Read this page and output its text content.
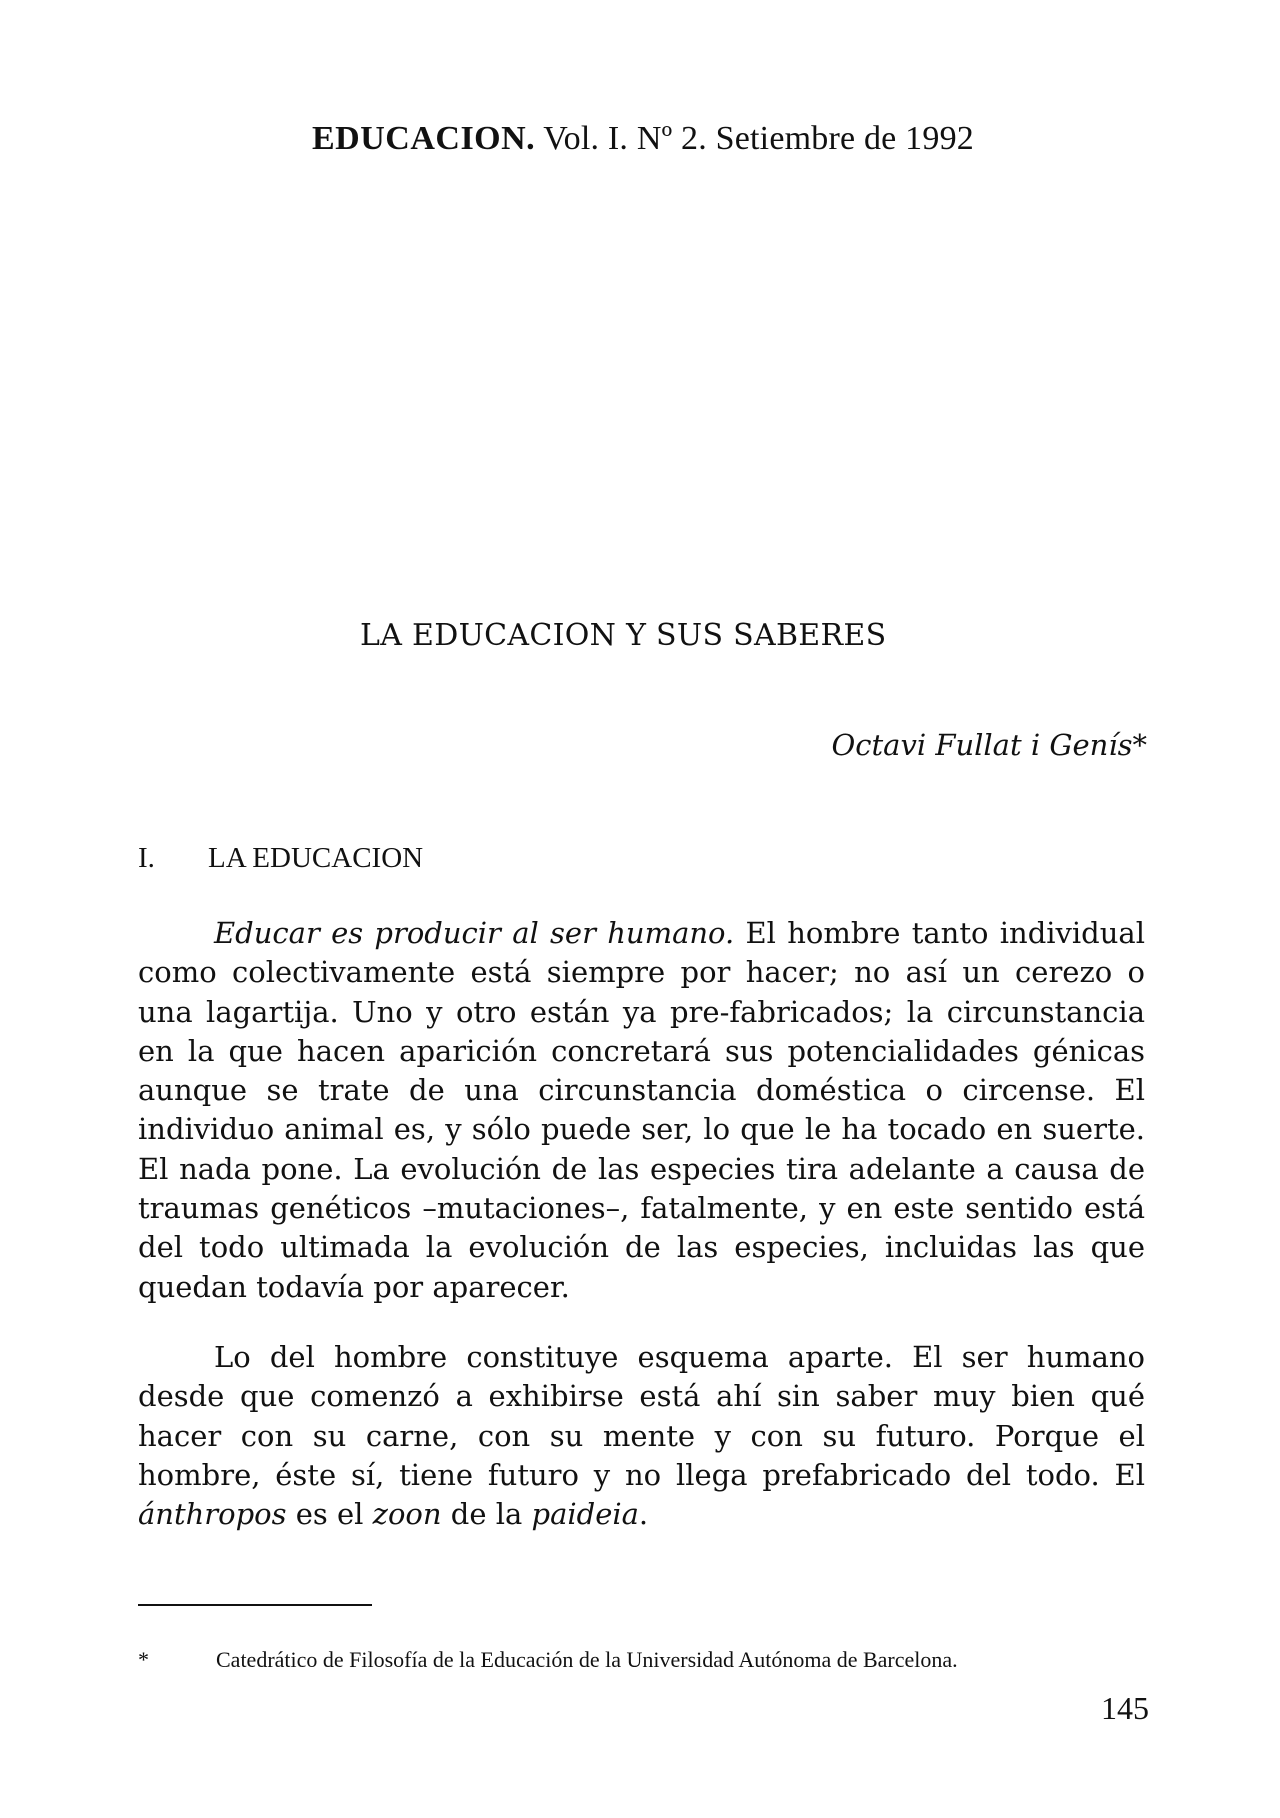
EDUCACION. Vol. I. Nº 2. Setiembre de 1992
LA EDUCACION Y SUS SABERES
Octavi Fullat i Genís*
I. LA EDUCACION

Educar es producir al ser humano. El hombre tanto individual como colectivamente está siempre por hacer; no así un cerezo o una lagartija. Uno y otro están ya pre-fabricados; la circunstancia en la que hacen aparición concretará sus potencialidades génicas aunque se trate de una circunstancia doméstica o circense. El individuo animal es, y sólo puede ser, lo que le ha tocado en suerte. El nada pone. La evolución de las especies tira adelante a causa de traumas genéticos –mutaciones–, fatalmente, y en este sentido está del todo ultimada la evolución de las especies, incluidas las que quedan todavía por aparecer.

Lo del hombre constituye esquema aparte. El ser humano desde que comenzó a exhibirse está ahí sin saber muy bien qué hacer con su carne, con su mente y con su futuro. Porque el hombre, éste sí, tiene futuro y no llega prefabricado del todo. El ánthropos es el zoon de la paideia.

*	Catedrático de Filosofía de la Educación de la Universidad Autónoma de Barcelona.
145
